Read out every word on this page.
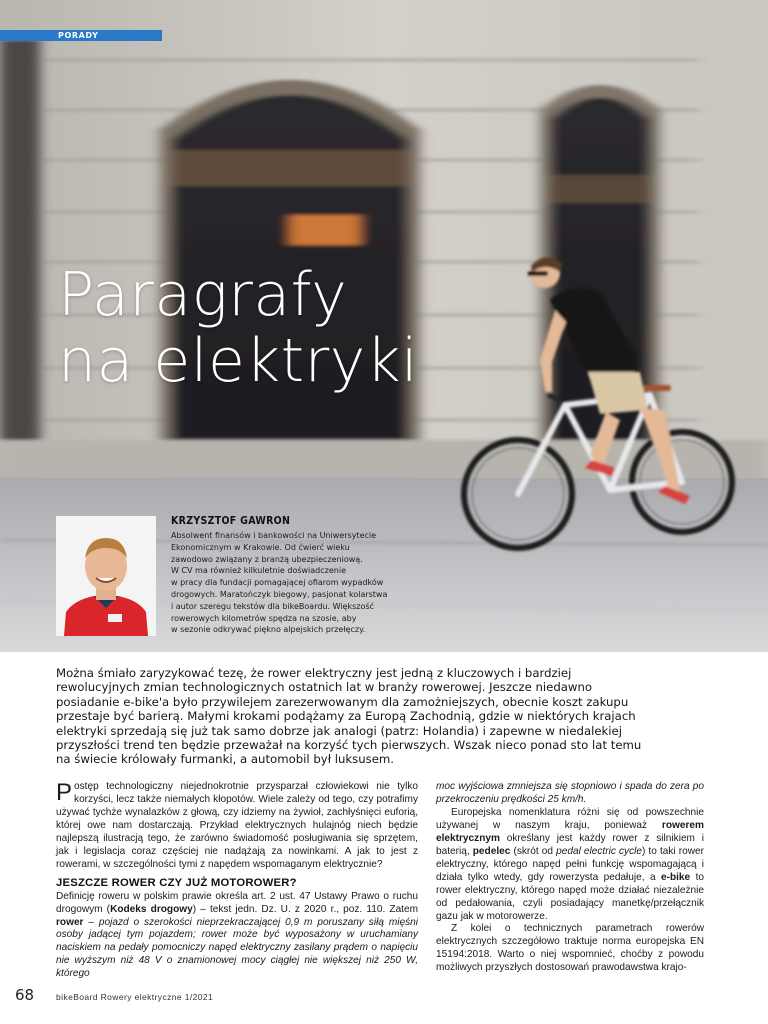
PORADY
Paragrafy
na elektryki
KRZYSZTOF GAWRON
Absolwent finansów i bankowości na Uniwersytecie
Ekonomicznym w Krakowie. Od ćwierć wieku
zawodowo związany z branżą ubezpieczeniową.
W CV ma również kilkuletnie doświadczenie
w pracy dla fundacji pomagającej ofiarom wypadków
drogowych. Maratończyk biegowy, pasjonat kolarstwa
i autor szeregu tekstów dla bikeBoardu. Większość
rowerowych kilometrów spędza na szosie, aby
w sezonie odkrywać piękno alpejskich przełęczy.
Można śmiało zaryzykować tezę, że rower elektryczny jest jedną z kluczowych i bardziej
rewolucyjnych zmian technologicznych ostatnich lat w branży rowerowej. Jeszcze niedawno
posiadanie e-bike'a było przywilejem zarezerwowanym dla zamożniejszych, obecnie koszt zakupu
przestaje być barierą. Małymi krokami podążamy za Europą Zachodnią, gdzie w niektórych krajach
elektryki sprzedają się już tak samo dobrze jak analogi (patrz: Holandia) i zapewne w niedalekiej
przyszłości trend ten będzie przeważał na korzyść tych pierwszych. Wszak nieco ponad sto lat temu
na świecie królowały furmanki, a automobil był luksusem.

Postęp technologiczny niejednokrotnie przysparzał człowiekowi nie tylko korzyści, lecz także niemałych kłopotów. Wiele zależy od tego, czy potrafimy używać tychże wynalazków z głową, czy idziemy na żywioł, zachłyśnięci euforią, której owe nam dostarczają. Przykład elektrycznych hulajnóg niech będzie najlepszą ilustracją tego, że zarówno świadomość posługiwania się sprzętem, jak i legislacja coraz częściej nie nadążają za nowinkami. A jak to jest z rowerami, w szczególności tymi z napędem wspomaganym elektrycznie?

JESZCZE ROWER CZY JUŻ MOTOROWER?

Definicję roweru w polskim prawie określa art. 2 ust. 47 Ustawy Prawo o ruchu drogowym (Kodeks drogowy) – tekst jedn. Dz. U. z 2020 r., poz. 110. Zatem rower – pojazd o szerokości nieprzekraczającej 0,9 m poruszany siłą mięśni osoby jadącej tym pojazdem; rower może być wyposażony w uruchamiany naciskiem na pedały pomocniczy napęd elektryczny zasilany prądem o napięciu nie wyższym niż 48 V o znamionowej mocy ciągłej nie większej niż 250 W, którego

moc wyjściowa zmniejsza się stopniowo i spada do zera po przekroczeniu prędkości 25 km/h.

Europejska nomenklatura różni się od powszechnie używanej w naszym kraju, ponieważ rowerem elektrycznym określany jest każdy rower z silnikiem i baterią, pedelec (skrót od pedal electric cycle) to taki rower elektryczny, którego napęd pełni funkcję wspomagającą i działa tylko wtedy, gdy rowerzysta pedałuje, a e-bike to rower elektryczny, którego napęd może działać niezależnie od pedałowania, czyli posiadający manetkę/przełącznik gazu jak w motorowerze.

Z kolei o technicznych parametrach rowerów elektrycznych szczegółowo traktuje norma europejska EN 15194:2018. Warto o niej wspomnieć, choćby z powodu możliwych przyszłych dostosowań prawodawstwa krajo-

68	bikeBoard Rowery elektryczne 1/2021
